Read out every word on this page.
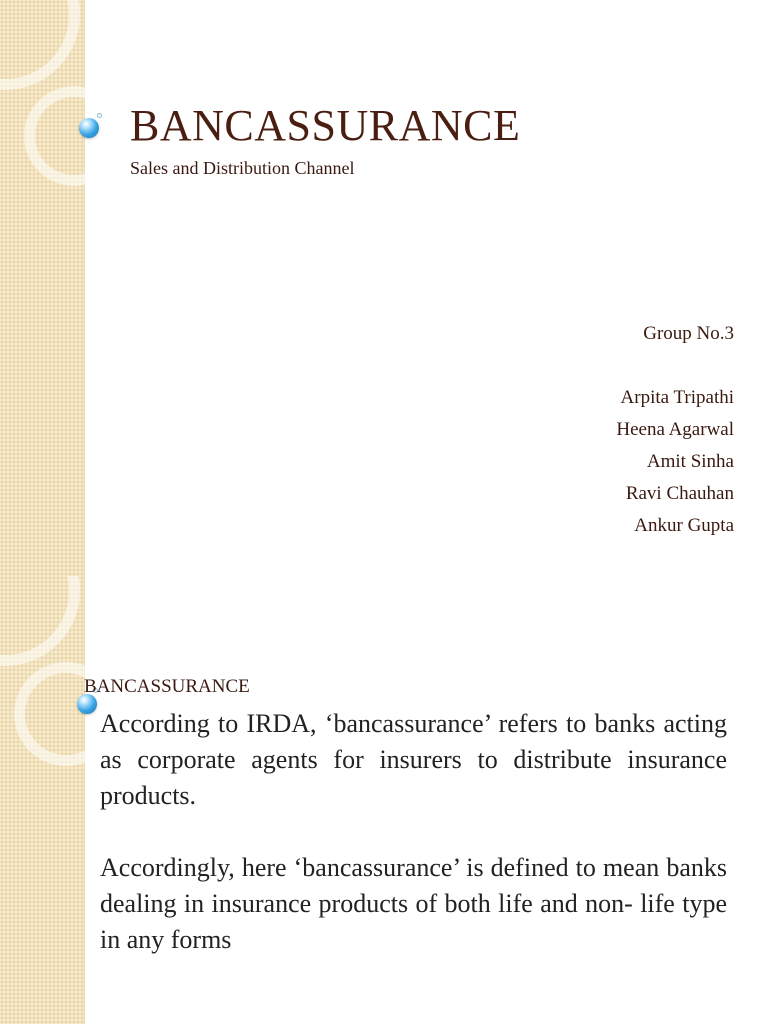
BANCASSURANCE
Sales and Distribution Channel
Group No.3
Arpita Tripathi
Heena Agarwal
Amit Sinha
Ravi Chauhan
Ankur Gupta
BANCASSURANCE

According to IRDA, ‘bancassurance’ refers to banks acting as corporate agents for insurers to distribute insurance products.

Accordingly, here ‘bancassurance’ is defined to mean banks dealing in insurance products of both life and non- life type in any forms
